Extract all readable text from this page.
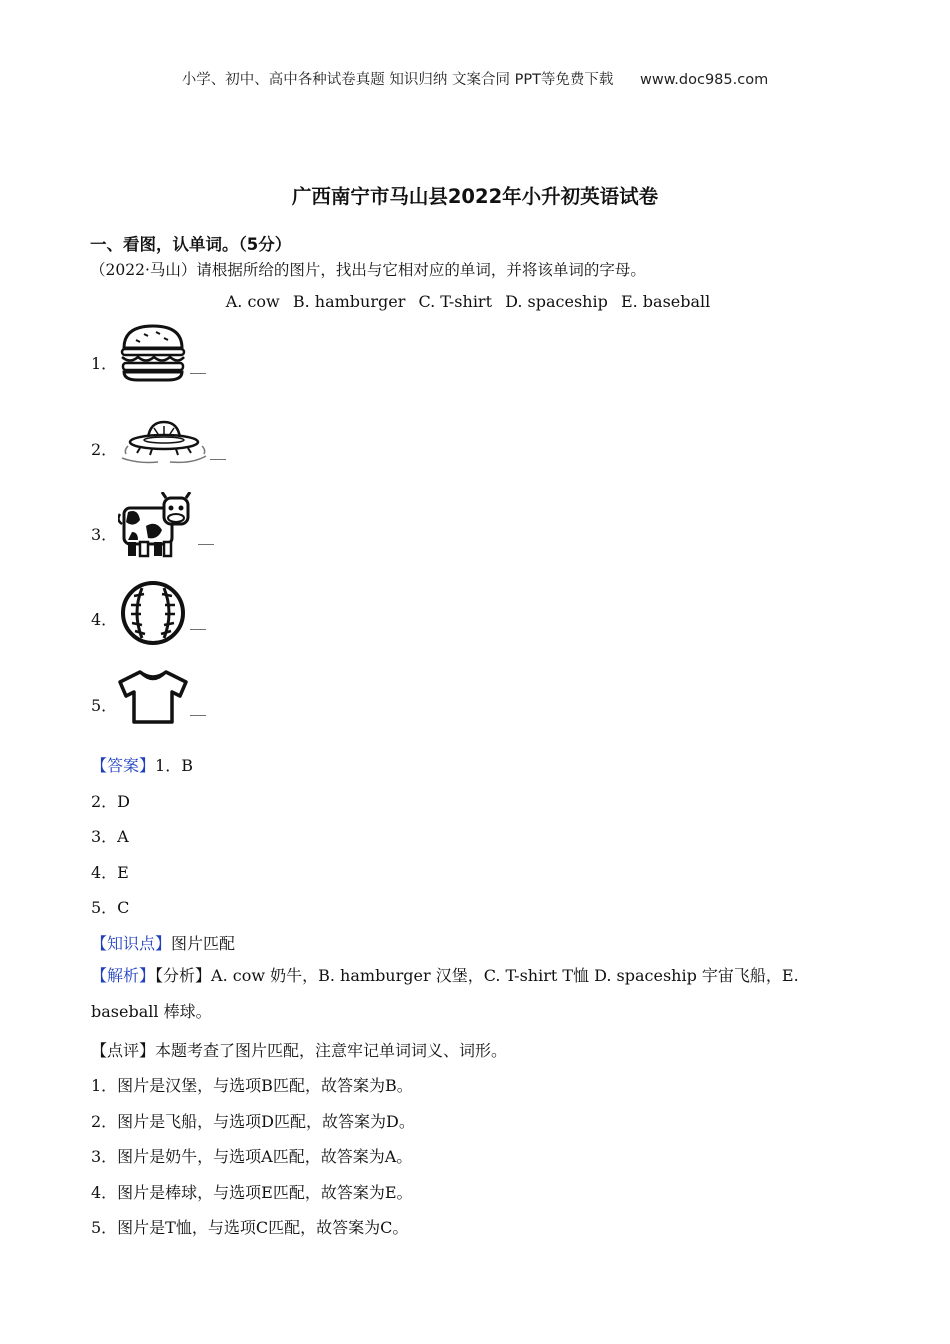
小学、初中、高中各种试卷真题 知识归纳 文案合同 PPT等免费下载 www.doc985.com
广西南宁市马山县2022年小升初英语试卷
一、看图，认单词。（5分）
（2022·马山）请根据所给的图片，找出与它相对应的单词，并将该单词的字母。
A. cow B. hamburger C. T-shirt D. spaceship E. baseball
1．	__
2．	__
3．	__
4．	__
5．	__
【答案】1．B
2．D
3．A
4．E
5．C
【知识点】图片匹配
【解析】【分析】A. cow 奶牛，B. hamburger 汉堡，C. T-shirt T恤 D. spaceship 宇宙飞船，E. baseball 棒球。
【点评】本题考查了图片匹配，注意牢记单词词义、词形。
1．图片是汉堡，与选项B匹配，故答案为B。
2．图片是飞船，与选项D匹配，故答案为D。
3．图片是奶牛，与选项A匹配，故答案为A。
4．图片是棒球，与选项E匹配，故答案为E。
5．图片是T恤，与选项C匹配，故答案为C。
